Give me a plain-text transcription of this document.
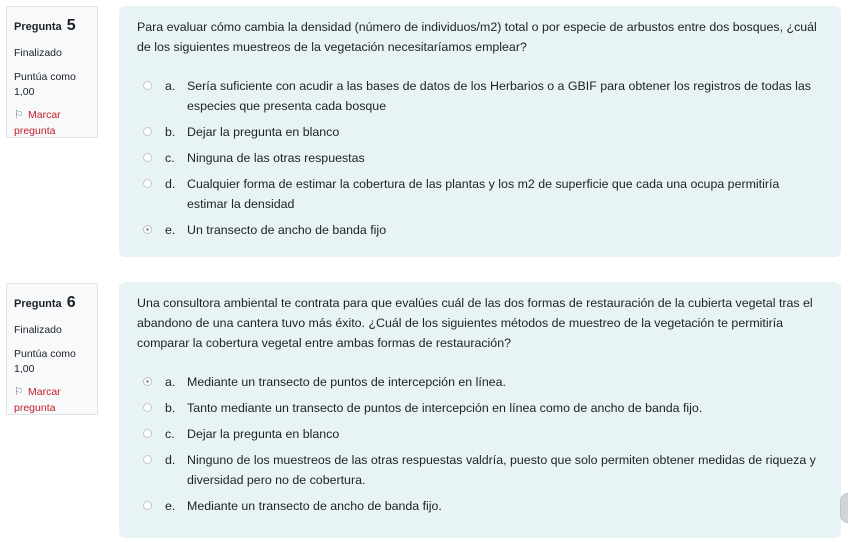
Pregunta 5
Finalizado
Puntúa como 1,00
⚐ Marcar pregunta

Para evaluar cómo cambia la densidad (número de individuos/m2) total o por especie de arbustos entre dos bosques, ¿cuál de los siguientes muestreos de la vegetación necesitaríamos emplear?

a. Sería suficiente con acudir a las bases de datos de los Herbarios o a GBIF para obtener los registros de todas las especies que presenta cada bosque
b. Dejar la pregunta en blanco
c. Ninguna de las otras respuestas
d. Cualquier forma de estimar la cobertura de las plantas y los m2 de superficie que cada una ocupa permitiría estimar la densidad
e. Un transecto de ancho de banda fijo
Pregunta 6
Finalizado
Puntúa como 1,00
⚐ Marcar pregunta

Una consultora ambiental te contrata para que evalúes cuál de las dos formas de restauración de la cubierta vegetal tras el abandono de una cantera tuvo más éxito. ¿Cuál de los siguientes métodos de muestreo de la vegetación te permitiría comparar la cobertura vegetal entre ambas formas de restauración?

a. Mediante un transecto de puntos de intercepción en línea.
b. Tanto mediante un transecto de puntos de intercepción en línea como de ancho de banda fijo.
c. Dejar la pregunta en blanco
d. Ninguno de los muestreos de las otras respuestas valdría, puesto que solo permiten obtener medidas de riqueza y diversidad pero no de cobertura.
e. Mediante un transecto de ancho de banda fijo.
